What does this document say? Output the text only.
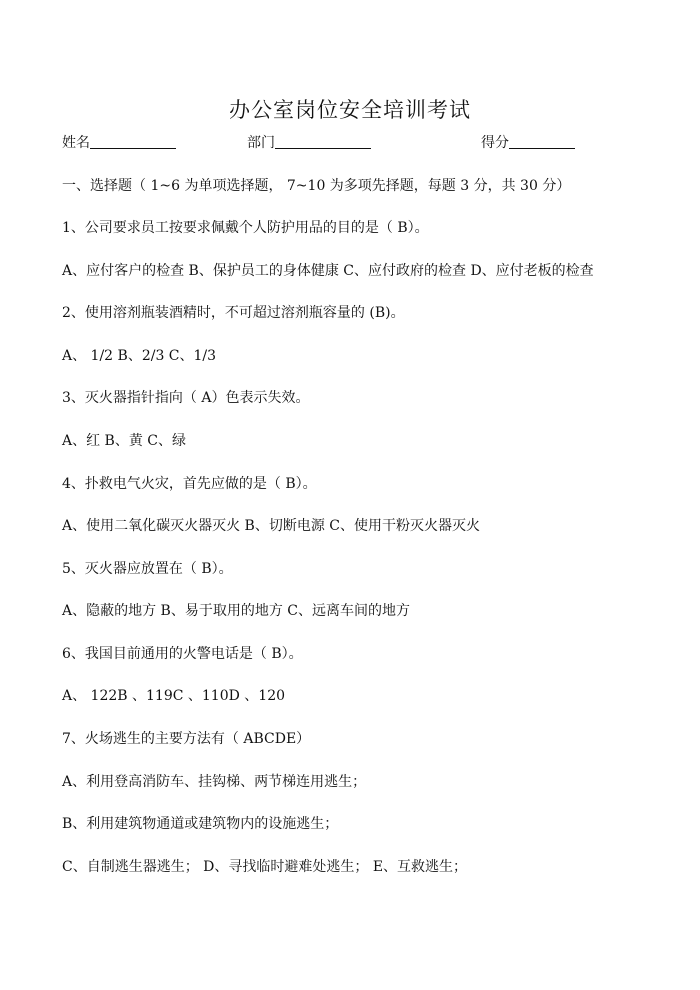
办公室岗位安全培训考试
姓名	部门	得分
一、选择题（ 1~6 为单项选择题， 7~10 为多项先择题，每题 3 分，共 30 分）
1、公司要求员工按要求佩戴个人防护用品的目的是（ B）。
A、应付客户的检查 B、保护员工的身体健康 C、应付政府的检查 D、应付老板的检查
2、使用溶剂瓶装酒精时，不可超过溶剂瓶容量的 (B)。
A、 1/2 B、2/3 C、1/3
3、灭火器指针指向（ A）色表示失效。
A、红 B、黄 C、绿
4、扑救电气火灾，首先应做的是（ B）。
A、使用二氧化碳灭火器灭火 B、切断电源 C、使用干粉灭火器灭火
5、灭火器应放置在（ B）。
A、隐蔽的地方 B、易于取用的地方 C、远离车间的地方
6、我国目前通用的火警电话是（ B）。
A、 122B 、119C 、110D 、120
7、火场逃生的主要方法有（ ABCDE）
A、利用登高消防车、挂钩梯、两节梯连用逃生；
B、利用建筑物通道或建筑物内的设施逃生；
C、自制逃生器逃生； D、寻找临时避难处逃生； E、互救逃生；
